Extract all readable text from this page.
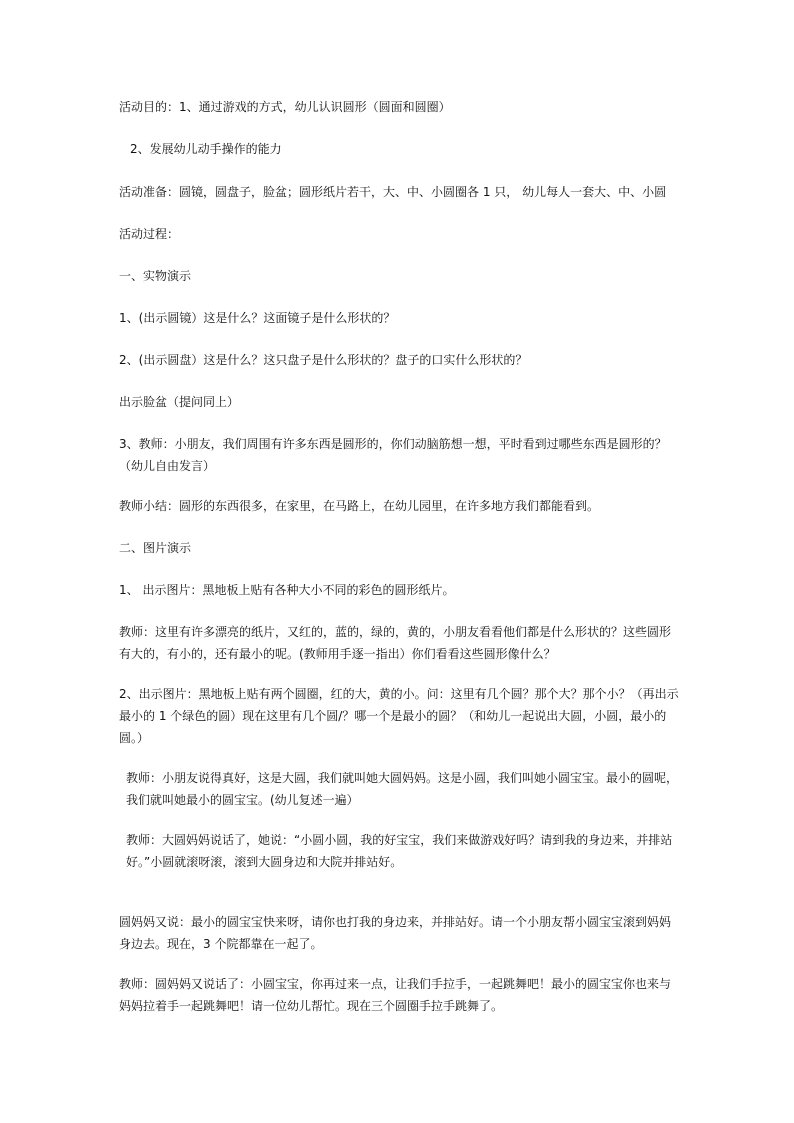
活动目的：1、通过游戏的方式，幼儿认识圆形（圆面和圆圈）

2、发展幼儿动手操作的能力

活动准备：圆镜，圆盘子，脸盆；圆形纸片若干，大、中、小圆圈各 1 只， 幼儿每人一套大、中、小圆

活动过程：

一、实物演示

1、(出示圆镜）这是什么？这面镜子是什么形状的？

2、(出示圆盘）这是什么？这只盘子是什么形状的？盘子的口实什么形状的？

出示脸盆（提问同上）

3、教师：小朋友，我们周围有许多东西是圆形的，你们动脑筋想一想，平时看到过哪些东西是圆形的？（幼儿自由发言）

教师小结：圆形的东西很多，在家里，在马路上，在幼儿园里，在许多地方我们都能看到。

二、图片演示

1、 出示图片：黑地板上贴有各种大小不同的彩色的圆形纸片。

教师：这里有许多漂亮的纸片，又红的，蓝的，绿的，黄的，小朋友看看他们都是什么形状的？这些圆形有大的，有小的，还有最小的呢。(教师用手逐一指出）你们看看这些圆形像什么？

2、出示图片：黑地板上贴有两个圆圈，红的大，黄的小。问：这里有几个圆？那个大？那个小？（再出示最小的 1 个绿色的圆）现在这里有几个圆/？哪一个是最小的圆？（和幼儿一起说出大圆，小圆，最小的圆。）

教师：小朋友说得真好，这是大圆，我们就叫她大圆妈妈。这是小圆，我们叫她小圆宝宝。最小的圆呢，我们就叫她最小的圆宝宝。(幼儿复述一遍）

教师：大圆妈妈说话了，她说：“小圆小圆，我的好宝宝，我们来做游戏好吗？请到我的身边来，并排站好。”小圆就滚呀滚，滚到大圆身边和大院并排站好。

圆妈妈又说：最小的圆宝宝快来呀，请你也打我的身边来，并排站好。请一个小朋友帮小圆宝宝滚到妈妈身边去。现在，3 个院都靠在一起了。

教师：圆妈妈又说话了：小圆宝宝，你再过来一点，让我们手拉手，一起跳舞吧！最小的圆宝宝你也来与妈妈拉着手一起跳舞吧！请一位幼儿帮忙。现在三个圆圈手拉手跳舞了。
